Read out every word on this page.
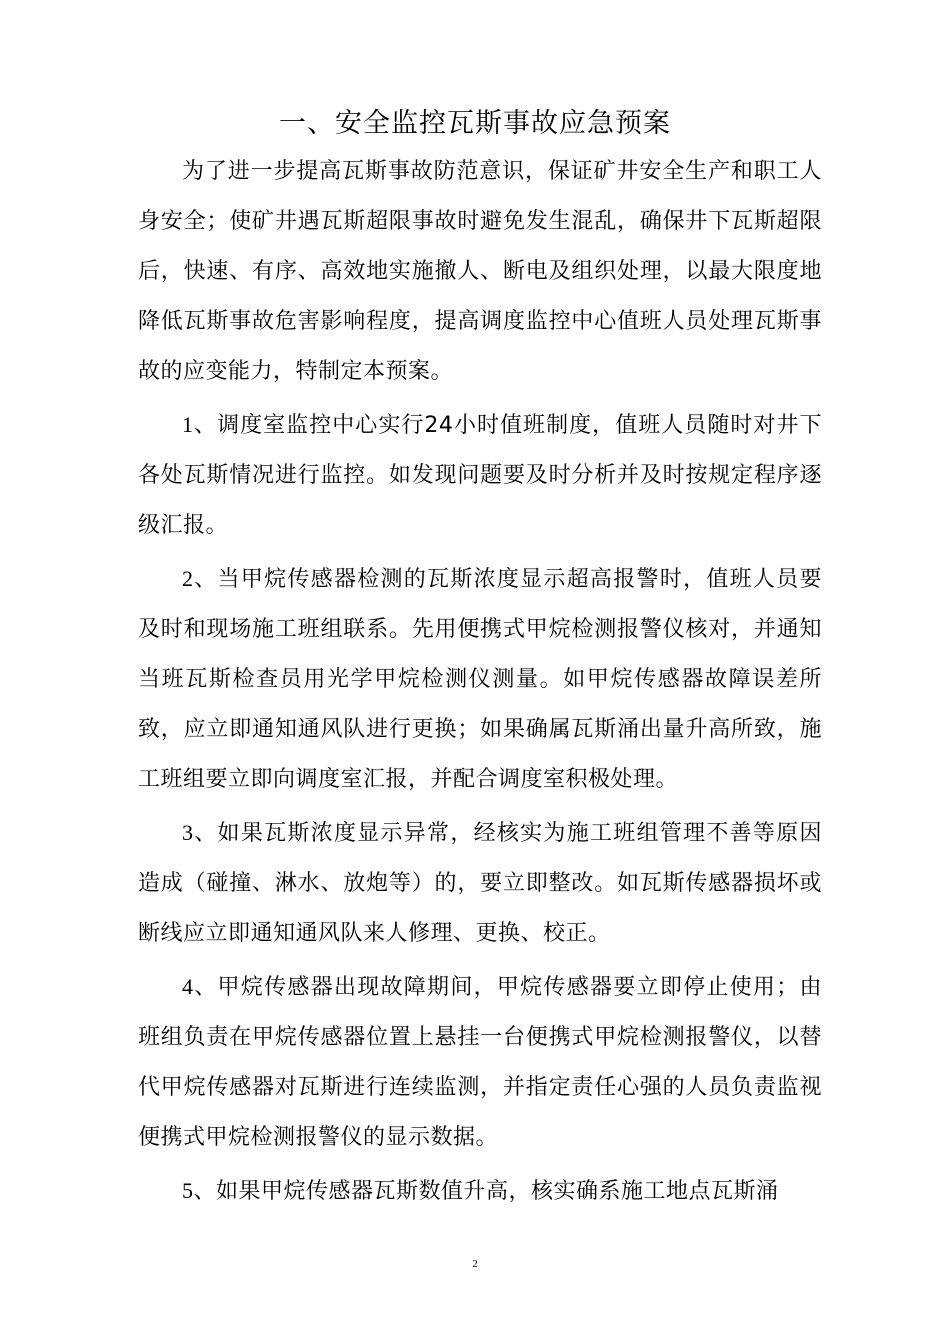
一、安全监控瓦斯事故应急预案

为了进一步提高瓦斯事故防范意识，保证矿井安全生产和职工人身安全；使矿井遇瓦斯超限事故时避免发生混乱，确保井下瓦斯超限后，快速、有序、高效地实施撤人、断电及组织处理，以最大限度地降低瓦斯事故危害影响程度，提高调度监控中心值班人员处理瓦斯事故的应变能力，特制定本预案。

1、调度室监控中心实行24小时值班制度，值班人员随时对井下各处瓦斯情况进行监控。如发现问题要及时分析并及时按规定程序逐级汇报。

2、当甲烷传感器检测的瓦斯浓度显示超高报警时，值班人员要及时和现场施工班组联系。先用便携式甲烷检测报警仪核对，并通知当班瓦斯检查员用光学甲烷检测仪测量。如甲烷传感器故障误差所致，应立即通知通风队进行更换；如果确属瓦斯涌出量升高所致，施工班组要立即向调度室汇报，并配合调度室积极处理。

3、如果瓦斯浓度显示异常，经核实为施工班组管理不善等原因造成（碰撞、淋水、放炮等）的，要立即整改。如瓦斯传感器损坏或断线应立即通知通风队来人修理、更换、校正。

4、甲烷传感器出现故障期间，甲烷传感器要立即停止使用；由班组负责在甲烷传感器位置上悬挂一台便携式甲烷检测报警仪，以替代甲烷传感器对瓦斯进行连续监测，并指定责任心强的人员负责监视便携式甲烷检测报警仪的显示数据。

5、如果甲烷传感器瓦斯数值升高，核实确系施工地点瓦斯涌

2
